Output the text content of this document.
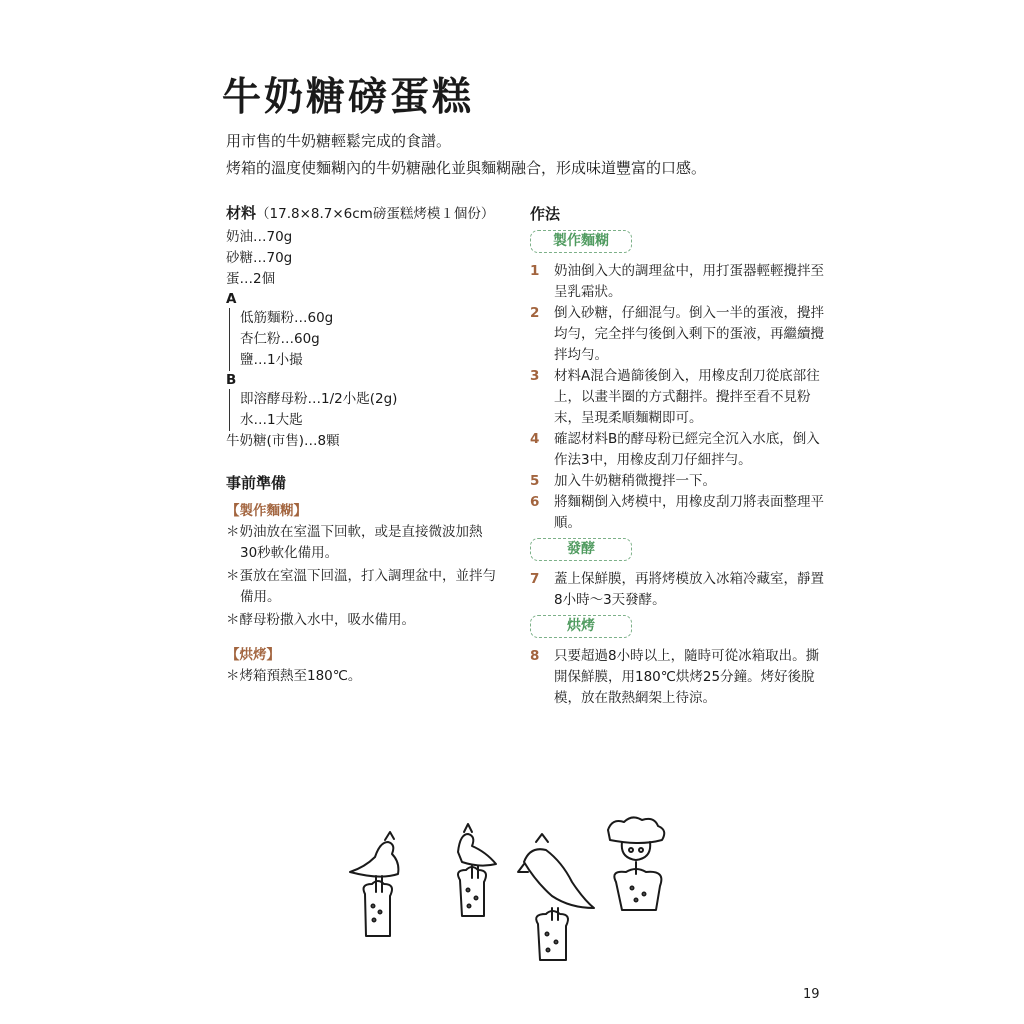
牛奶糖磅蛋糕

用市售的牛奶糖輕鬆完成的食譜。

烤箱的溫度使麵糊內的牛奶糖融化並與麵糊融合，形成味道豐富的口感。

材料（17.8×8.7×6cm磅蛋糕烤模１個份）
奶油…70g
砂糖…70g
蛋…2個
A
低筋麵粉…60g
杏仁粉…60g
鹽…1小撮
B
即溶酵母粉…1/2小匙(2g)
水…1大匙
牛奶糖(市售)…8顆
事前準備
【製作麵糊】

＊奶油放在室溫下回軟，或是直接微波加熱30秒軟化備用。

＊蛋放在室溫下回溫，打入調理盆中，並拌勻備用。

＊酵母粉撒入水中，吸水備用。

【烘烤】

＊烤箱預熱至180℃。

作法
製作麵糊
1	奶油倒入大的調理盆中，用打蛋器輕輕攪拌至呈乳霜狀。
2	倒入砂糖，仔細混勻。倒入一半的蛋液，攪拌均勻，完全拌勻後倒入剩下的蛋液，再繼續攪拌均勻。
3	材料A混合過篩後倒入，用橡皮刮刀從底部往上，以畫半圈的方式翻拌。攪拌至看不見粉末，呈現柔順麵糊即可。
4	確認材料B的酵母粉已經完全沉入水底，倒入作法3中，用橡皮刮刀仔細拌勻。
5	加入牛奶糖稍微攪拌一下。
6	將麵糊倒入烤模中，用橡皮刮刀將表面整理平順。
發酵
7	蓋上保鮮膜，再將烤模放入冰箱冷藏室，靜置8小時～3天發酵。
烘烤
8	只要超過8小時以上，隨時可從冰箱取出。撕開保鮮膜，用180℃烘烤25分鐘。烤好後脫模，放在散熱網架上待涼。
19
